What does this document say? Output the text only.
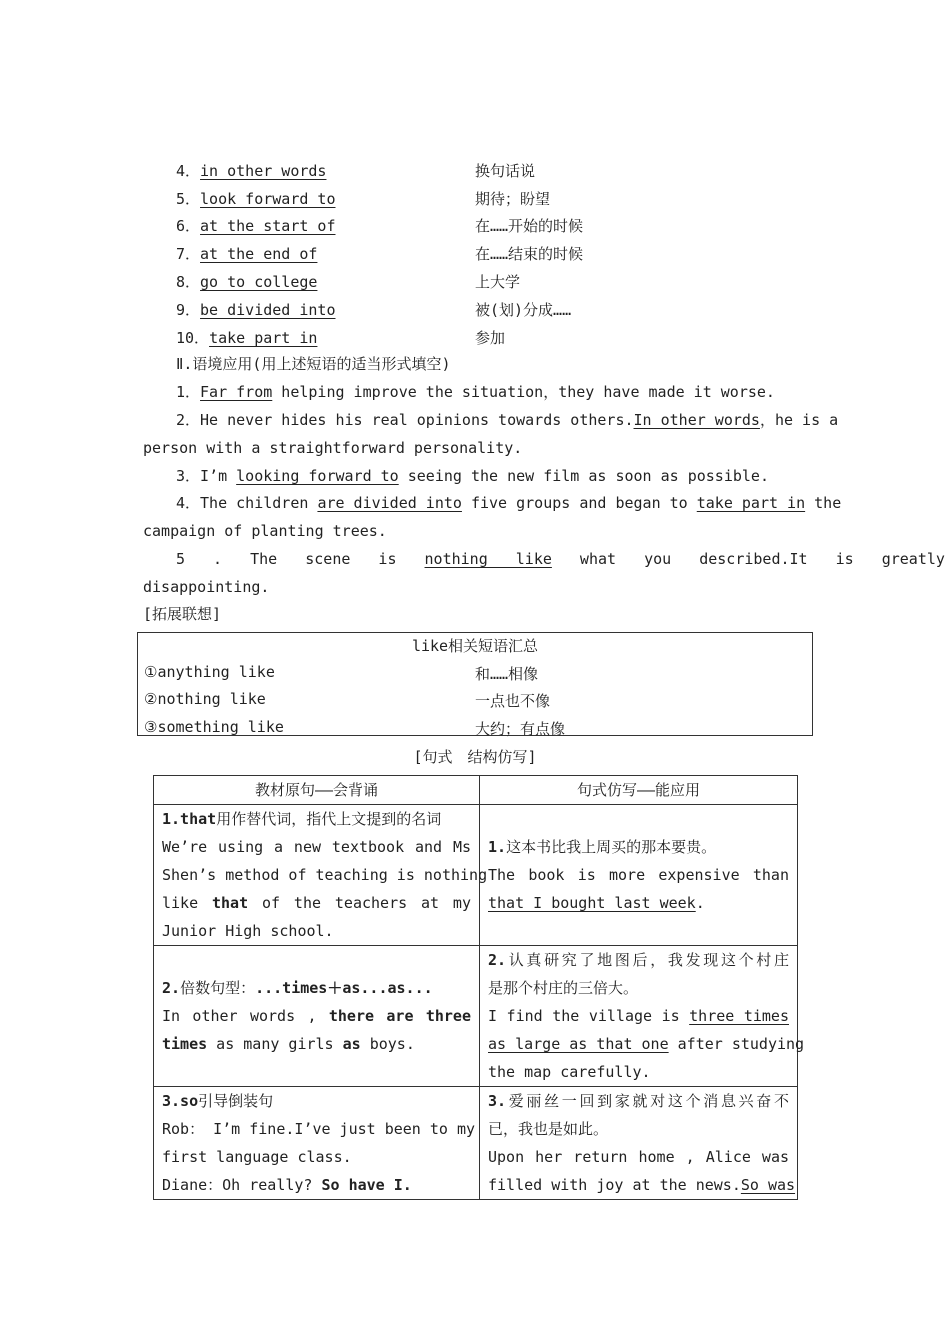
4．in other words	换句话说
5．look forward to	期待；盼望
6．at the start of	在……开始的时候
7．at the end of	在……结束的时候
8．go to college	上大学
9．be divided into	被(划)分成……
10．take part in	参加
Ⅱ.语境应用(用上述短语的适当形式填空)
1．Far from helping improve the situation，they have made it worse.
2．He never hides his real opinions towards others.In other words，he is a
person with a straightforward personality.
3．I’m looking forward to seeing the new film as soon as possible.
4．The children are divided into five groups and began to take part in the
campaign of planting trees.
5 . The scene is nothing like what you described.It is greatly
disappointing.
[拓展联想]
like相关短语汇总
①anything like	和……相像
②nothing like	一点也不像
③something like	大约；有点像
[句式　结构仿写]
教材原句——会背诵	句式仿写——能应用

1.that用作替代词，指代上文提到的名词
We’re using a new textbook and Ms
Shen’s method of teaching is nothing
like that of the teachers at my
Junior High school.	1.这本书比我上周买的那本要贵。
The book is more expensive than
that I bought last week.

2.倍数句型：...times＋as...as...
In other words , there are three
times as many girls as boys.	2.认真研究了地图后，我发现这个村庄
是那个村庄的三倍大。
I find the village is three times
as large as that one after studying
the map carefully.

3.so引导倒装句
Rob： I’m fine.I’ve just been to my
first language class.
Diane：Oh really? So have I.	3.爱丽丝一回到家就对这个消息兴奋不
已，我也是如此。
Upon her return home , Alice was
filled with joy at the news.So was
